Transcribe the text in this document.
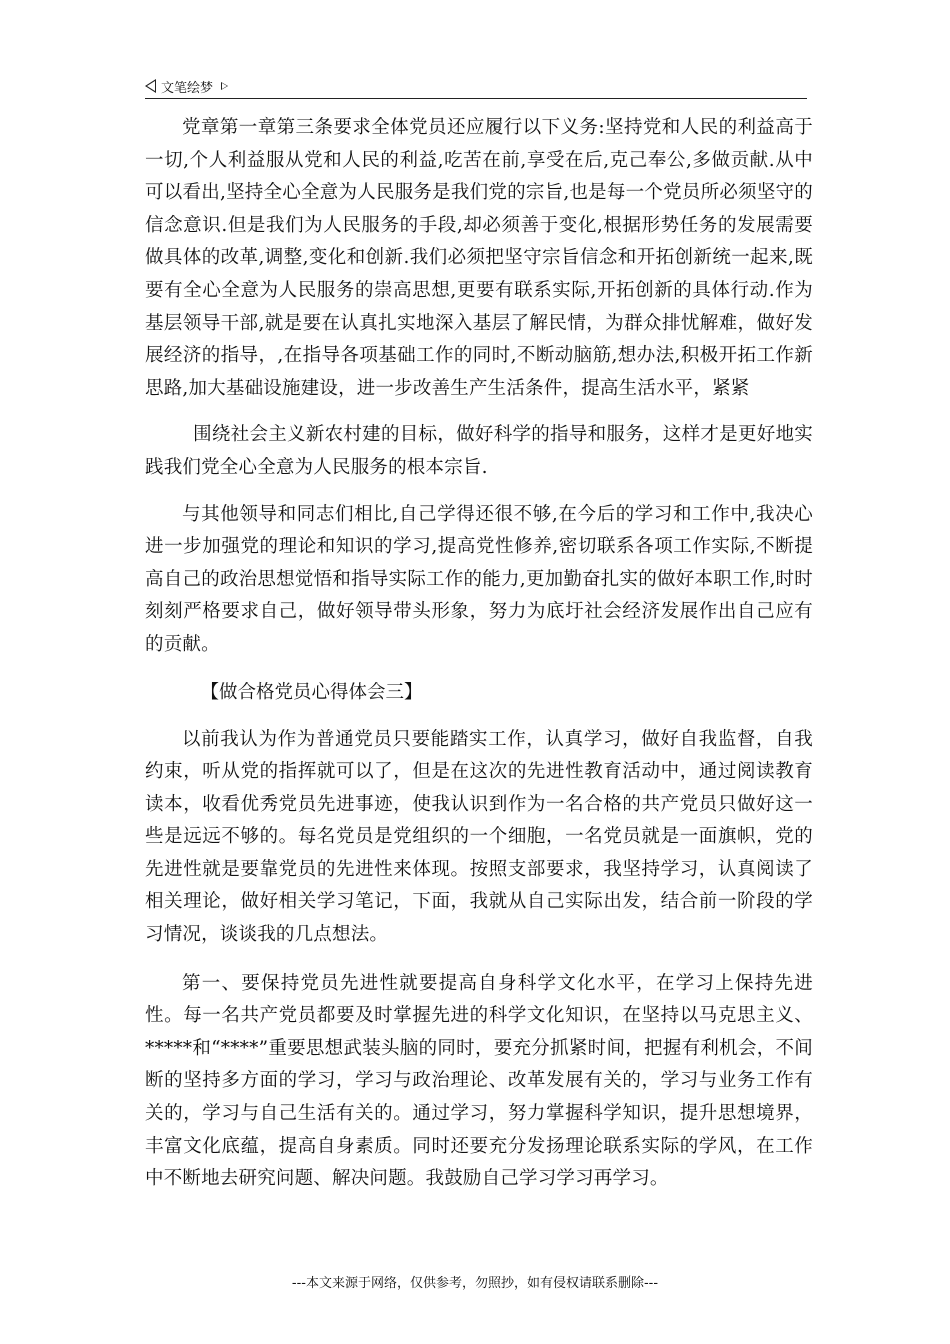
文笔绘梦

党章第一章第三条要求全体党员还应履行以下义务:坚持党和人民的利益高于一切,个人利益服从党和人民的利益,吃苦在前,享受在后,克己奉公,多做贡献.从中可以看出,坚持全心全意为人民服务是我们党的宗旨,也是每一个党员所必须坚守的信念意识.但是我们为人民服务的手段,却必须善于变化,根据形势任务的发展需要做具体的改革,调整,变化和创新.我们必须把坚守宗旨信念和开拓创新统一起来,既要有全心全意为人民服务的崇高思想,更要有联系实际,开拓创新的具体行动.作为基层领导干部,就是要在认真扎实地深入基层了解民情，为群众排忧解难，做好发展经济的指导，,在指导各项基础工作的同时,不断动脑筋,想办法,积极开拓工作新思路,加大基础设施建设，进一步改善生产生活条件，提高生活水平，紧紧

围绕社会主义新农村建的目标，做好科学的指导和服务，这样才是更好地实践我们党全心全意为人民服务的根本宗旨.

与其他领导和同志们相比,自己学得还很不够,在今后的学习和工作中,我决心进一步加强党的理论和知识的学习,提高党性修养,密切联系各项工作实际,不断提高自己的政治思想觉悟和指导实际工作的能力,更加勤奋扎实的做好本职工作,时时刻刻严格要求自己，做好领导带头形象，努力为底圩社会经济发展作出自己应有的贡献。

【做合格党员心得体会三】

以前我认为作为普通党员只要能踏实工作，认真学习，做好自我监督，自我约束，听从党的指挥就可以了，但是在这次的先进性教育活动中，通过阅读教育读本，收看优秀党员先进事迹，使我认识到作为一名合格的共产党员只做好这一些是远远不够的。每名党员是党组织的一个细胞，一名党员就是一面旗帜，党的先进性就是要靠党员的先进性来体现。按照支部要求，我坚持学习，认真阅读了相关理论，做好相关学习笔记，下面，我就从自己实际出发，结合前一阶段的学习情况，谈谈我的几点想法。

第一、要保持党员先进性就要提高自身科学文化水平，在学习上保持先进性。每一名共产党员都要及时掌握先进的科学文化知识，在坚持以马克思主义、*****和“****”重要思想武装头脑的同时，要充分抓紧时间，把握有利机会，不间断的坚持多方面的学习，学习与政治理论、改革发展有关的，学习与业务工作有关的，学习与自己生活有关的。通过学习，努力掌握科学知识，提升思想境界，丰富文化底蕴，提高自身素质。同时还要充分发扬理论联系实际的学风，在工作中不断地去研究问题、解决问题。我鼓励自己学习学习再学习。

---本文来源于网络，仅供参考，勿照抄，如有侵权请联系删除---
